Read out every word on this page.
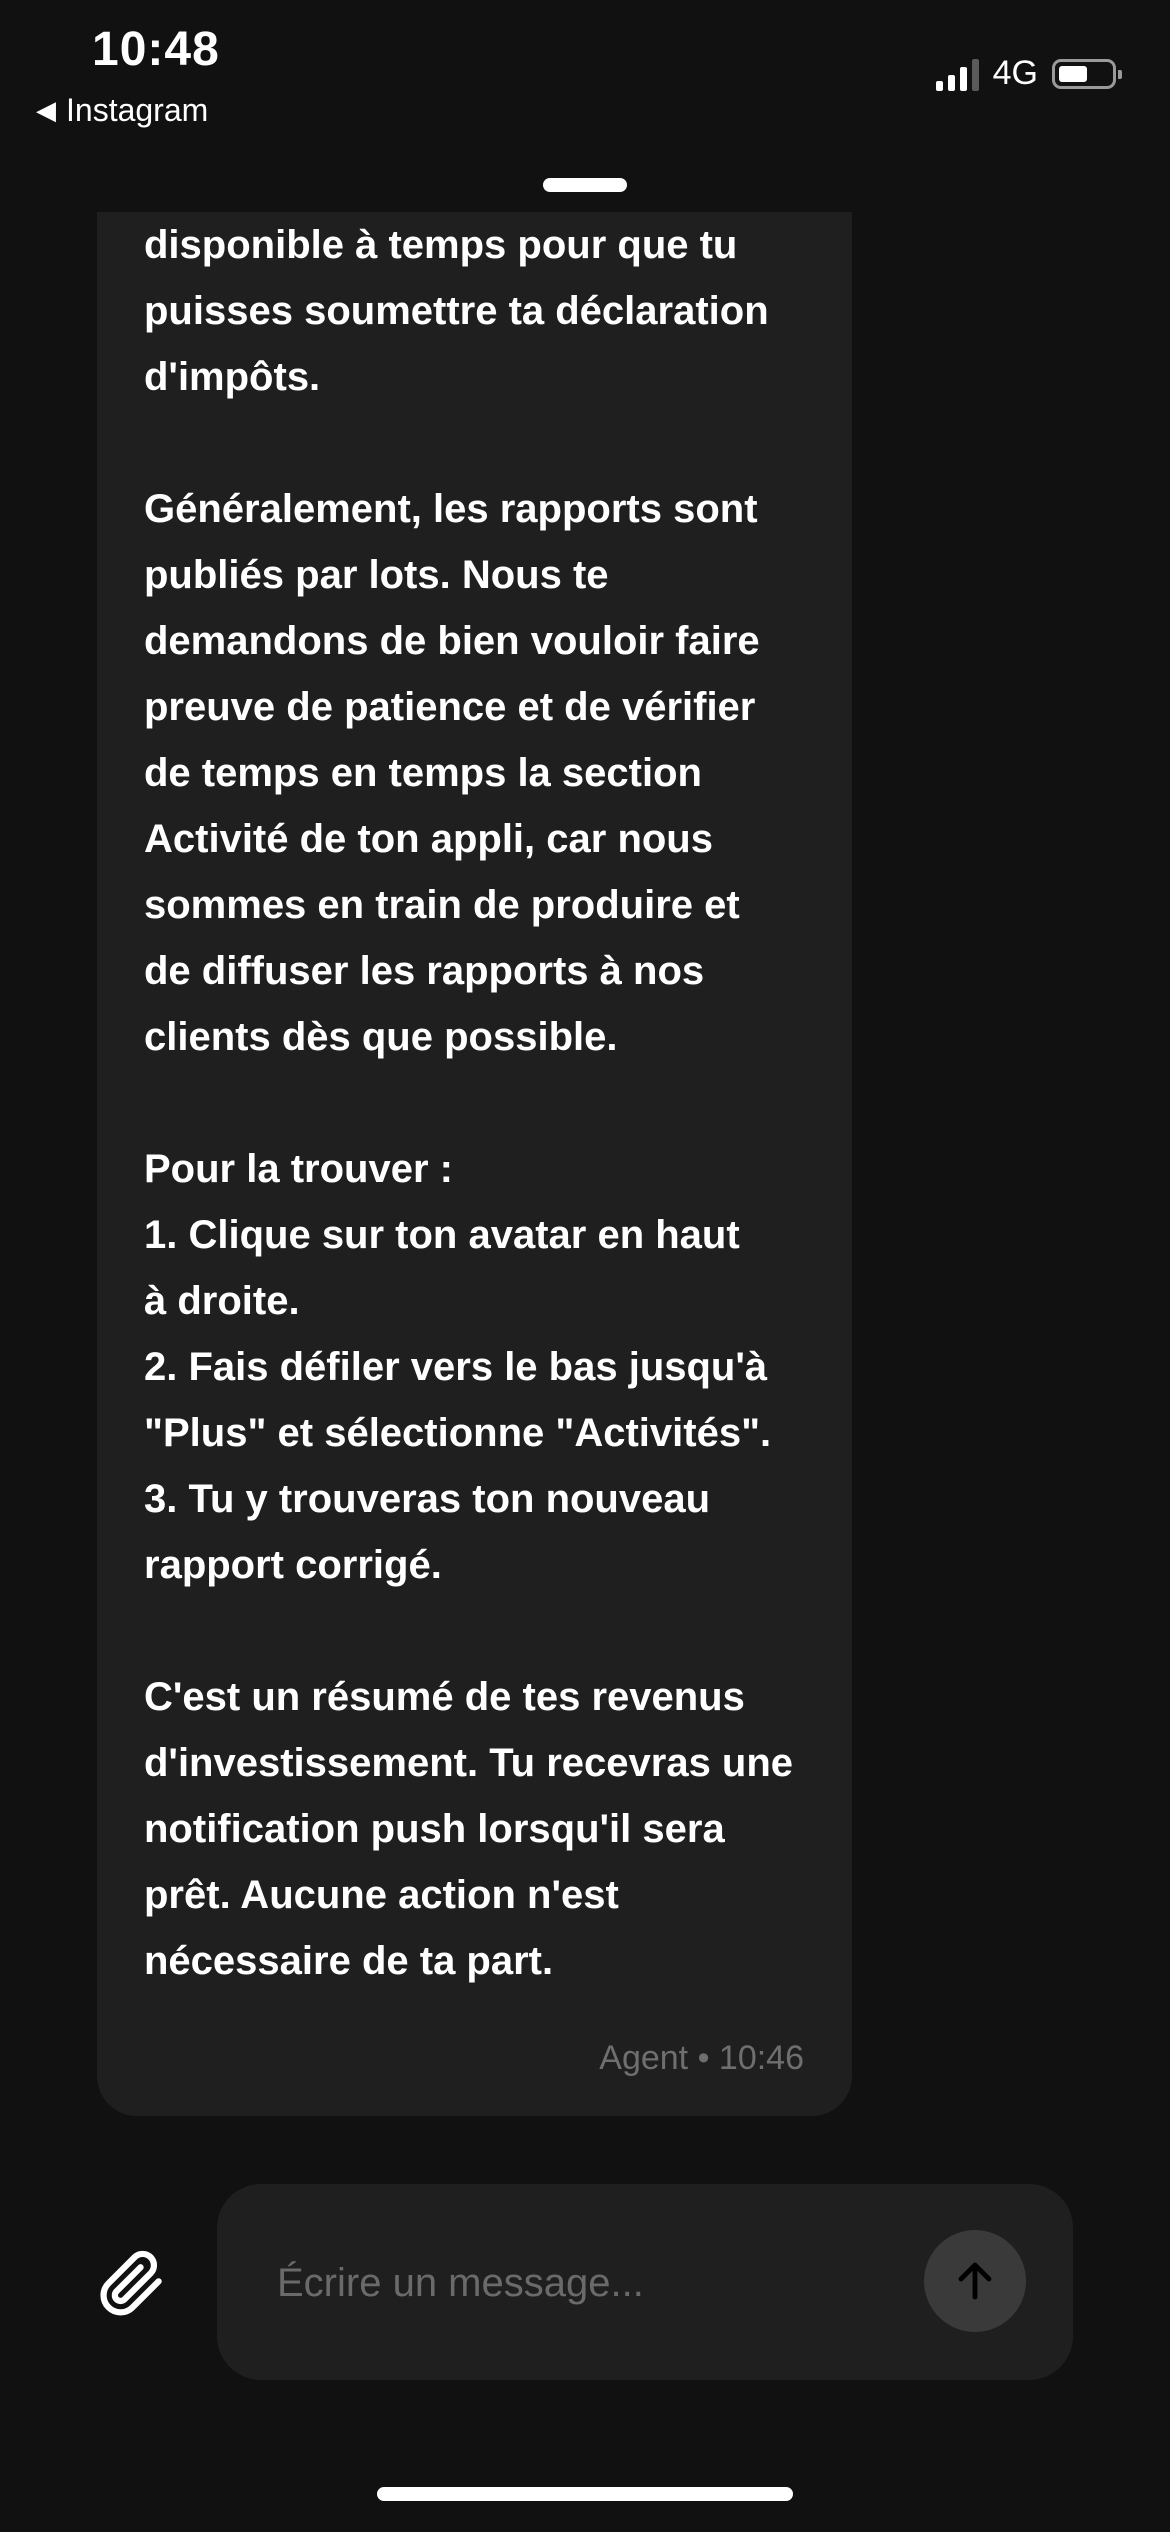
10:48
◀ Instagram
4G

disponible à temps pour que tu
puisses soumettre ta déclaration
d'impôts.

Généralement, les rapports sont
publiés par lots. Nous te
demandons de bien vouloir faire
preuve de patience et de vérifier
de temps en temps la section
Activité de ton appli, car nous
sommes en train de produire et
de diffuser les rapports à nos
clients dès que possible.

Pour la trouver :
1. Clique sur ton avatar en haut
à droite.
2. Fais défiler vers le bas jusqu'à
"Plus" et sélectionne "Activités".
3. Tu y trouveras ton nouveau
rapport corrigé.

C'est un résumé de tes revenus
d'investissement. Tu recevras une
notification push lorsqu'il sera
prêt. Aucune action n'est
nécessaire de ta part.

Agent • 10:46
Écrire un message...
